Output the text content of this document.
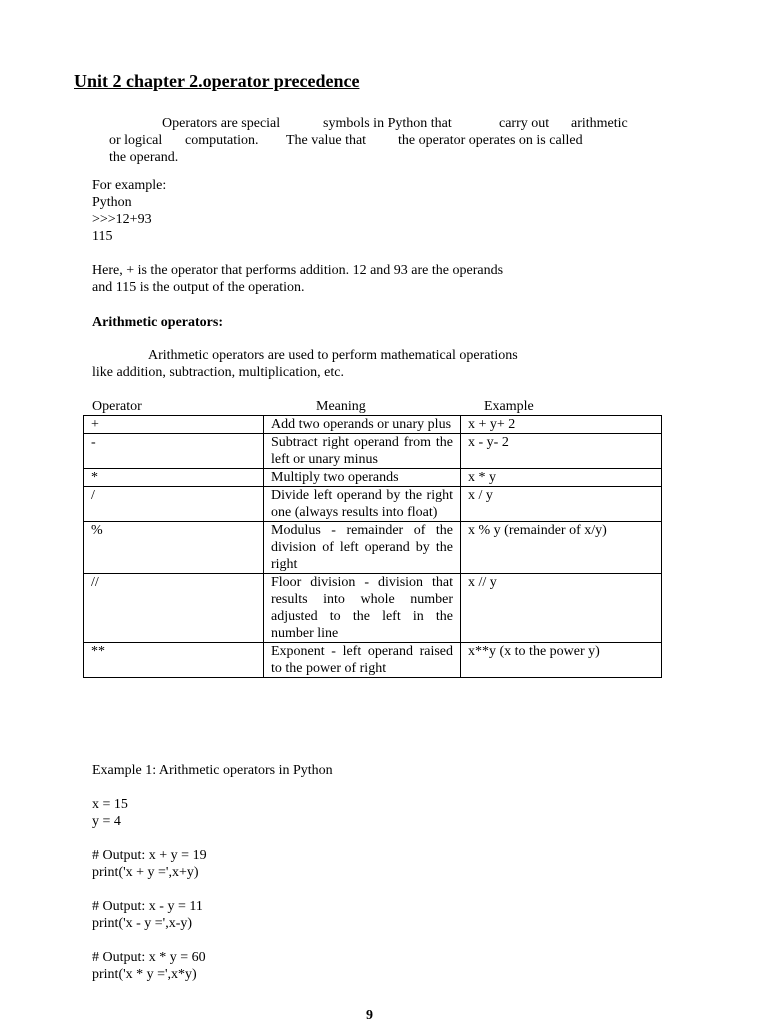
Unit 2 chapter 2.operator precedence
Operators are special	symbols in Python that	carry out arithmetic
or logical computation. The value that the operator operates on is called
the operand.
For example:
Python
>>>12+93
115
Here, + is the operator that performs addition. 12 and 93 are the operands
and 115 is the output of the operation.
Arithmetic operators:
Arithmetic operators are used to perform mathematical operations
like addition, subtraction, multiplication, etc.
Operator	Meaning	Example
+	Add two operands or unary plus	x + y+ 2
-	Subtract right operand from the left or unary minus	x - y- 2
*	Multiply two operands	x * y
/	Divide left operand by the right one (always results into float)	x / y
%	Modulus - remainder of the division of left operand by the right	x % y (remainder of x/y)
//	Floor division - division that results into whole number adjusted to the left in the number line	x // y
**	Exponent - left operand raised to the power of right	x**y (x to the power y)
Example 1: Arithmetic operators in Python
x = 15
y = 4
# Output: x + y = 19
print('x + y =',x+y)
# Output: x - y = 11
print('x - y =',x-y)
# Output: x * y = 60
print('x * y =',x*y)
9
